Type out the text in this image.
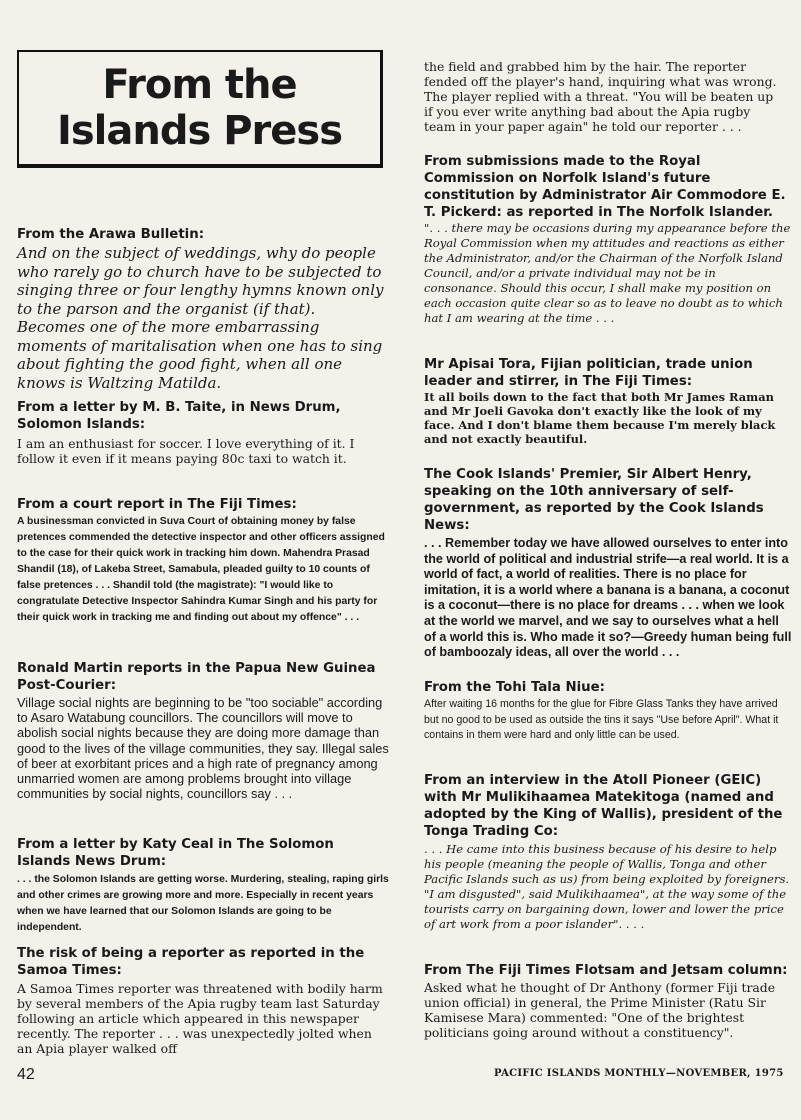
From the
Islands Press
From the Arawa Bulletin:

And on the subject of weddings, why do people who rarely go to church have to be subjected to singing three or four lengthy hymns known only to the parson and the organist (if that). Becomes one of the more embarrassing moments of maritalisation when one has to sing about fighting the good fight, when all one knows is Waltzing Matilda.

From a letter by M. B. Taite, in News Drum, Solomon Islands:

I am an enthusiast for soccer. I love everything of it. I follow it even if it means paying 80c taxi to watch it.

From a court report in The Fiji Times:

A businessman convicted in Suva Court of obtaining money by false pretences commended the detective inspector and other officers assigned to the case for their quick work in tracking him down. Mahendra Prasad Shandil (18), of Lakeba Street, Samabula, pleaded guilty to 10 counts of false pretences . . . Shandil told (the magistrate): "I would like to congratulate Detective Inspector Sahindra Kumar Singh and his party for their quick work in tracking me and finding out about my offence" . . .

Ronald Martin reports in the Papua New Guinea Post-Courier:

Village social nights are beginning to be "too sociable" according to Asaro Watabung councillors. The councillors will move to abolish social nights because they are doing more damage than good to the lives of the village communities, they say. Illegal sales of beer at exorbitant prices and a high rate of pregnancy among unmarried women are among problems brought into village communities by social nights, councillors say . . .

From a letter by Katy Ceal in The Solomon Islands News Drum:

. . . the Solomon Islands are getting worse. Murdering, stealing, raping girls and other crimes are growing more and more. Especially in recent years when we have learned that our Solomon Islands are going to be independent.

The risk of being a reporter as reported in the Samoa Times:

A Samoa Times reporter was threatened with bodily harm by several members of the Apia rugby team last Saturday following an article which appeared in this newspaper recently. The reporter . . . was unexpectedly jolted when an Apia player walked off

the field and grabbed him by the hair. The reporter fended off the player's hand, inquiring what was wrong. The player replied with a threat. "You will be beaten up if you ever write anything bad about the Apia rugby team in your paper again" he told our reporter . . .

From submissions made to the Royal Commission on Norfolk Island's future constitution by Administrator Air Commodore E. T. Pickerd: as reported in The Norfolk Islander.

". . . there may be occasions during my appearance before the Royal Commission when my attitudes and reactions as either the Administrator, and/or the Chairman of the Norfolk Island Council, and/or a private individual may not be in consonance. Should this occur, I shall make my position on each occasion quite clear so as to leave no doubt as to which hat I am wearing at the time . . .

Mr Apisai Tora, Fijian politician, trade union leader and stirrer, in The Fiji Times:

It all boils down to the fact that both Mr James Raman and Mr Joeli Gavoka don't exactly like the look of my face. And I don't blame them because I'm merely black and not exactly beautiful.

The Cook Islands' Premier, Sir Albert Henry, speaking on the 10th anniversary of self-government, as reported by the Cook Islands News:

. . . Remember today we have allowed ourselves to enter into the world of political and industrial strife—a real world. It is a world of fact, a world of realities. There is no place for imitation, it is a world where a banana is a banana, a coconut is a coconut—there is no place for dreams . . . when we look at the world we marvel, and we say to ourselves what a hell of a world this is. Who made it so?—Greedy human being full of bamboozaly ideas, all over the world . . .

From the Tohi Tala Niue:

After waiting 16 months for the glue for Fibre Glass Tanks they have arrived but no good to be used as outside the tins it says "Use before April". What it contains in them were hard and only little can be used.

From an interview in the Atoll Pioneer (GEIC) with Mr Mulikihaamea Matekitoga (named and adopted by the King of Wallis), president of the Tonga Trading Co:

. . . He came into this business because of his desire to help his people (meaning the people of Wallis, Tonga and other Pacific Islands such as us) from being exploited by foreigners. "I am disgusted", said Mulikihaamea", at the way some of the tourists carry on bargaining down, lower and lower the price of art work from a poor islander". . . .

From The Fiji Times Flotsam and Jetsam column:

Asked what he thought of Dr Anthony (former Fiji trade union official) in general, the Prime Minister (Ratu Sir Kamisese Mara) commented: "One of the brightest politicians going around without a constituency".

42	PACIFIC ISLANDS MONTHLY—NOVEMBER, 1975
